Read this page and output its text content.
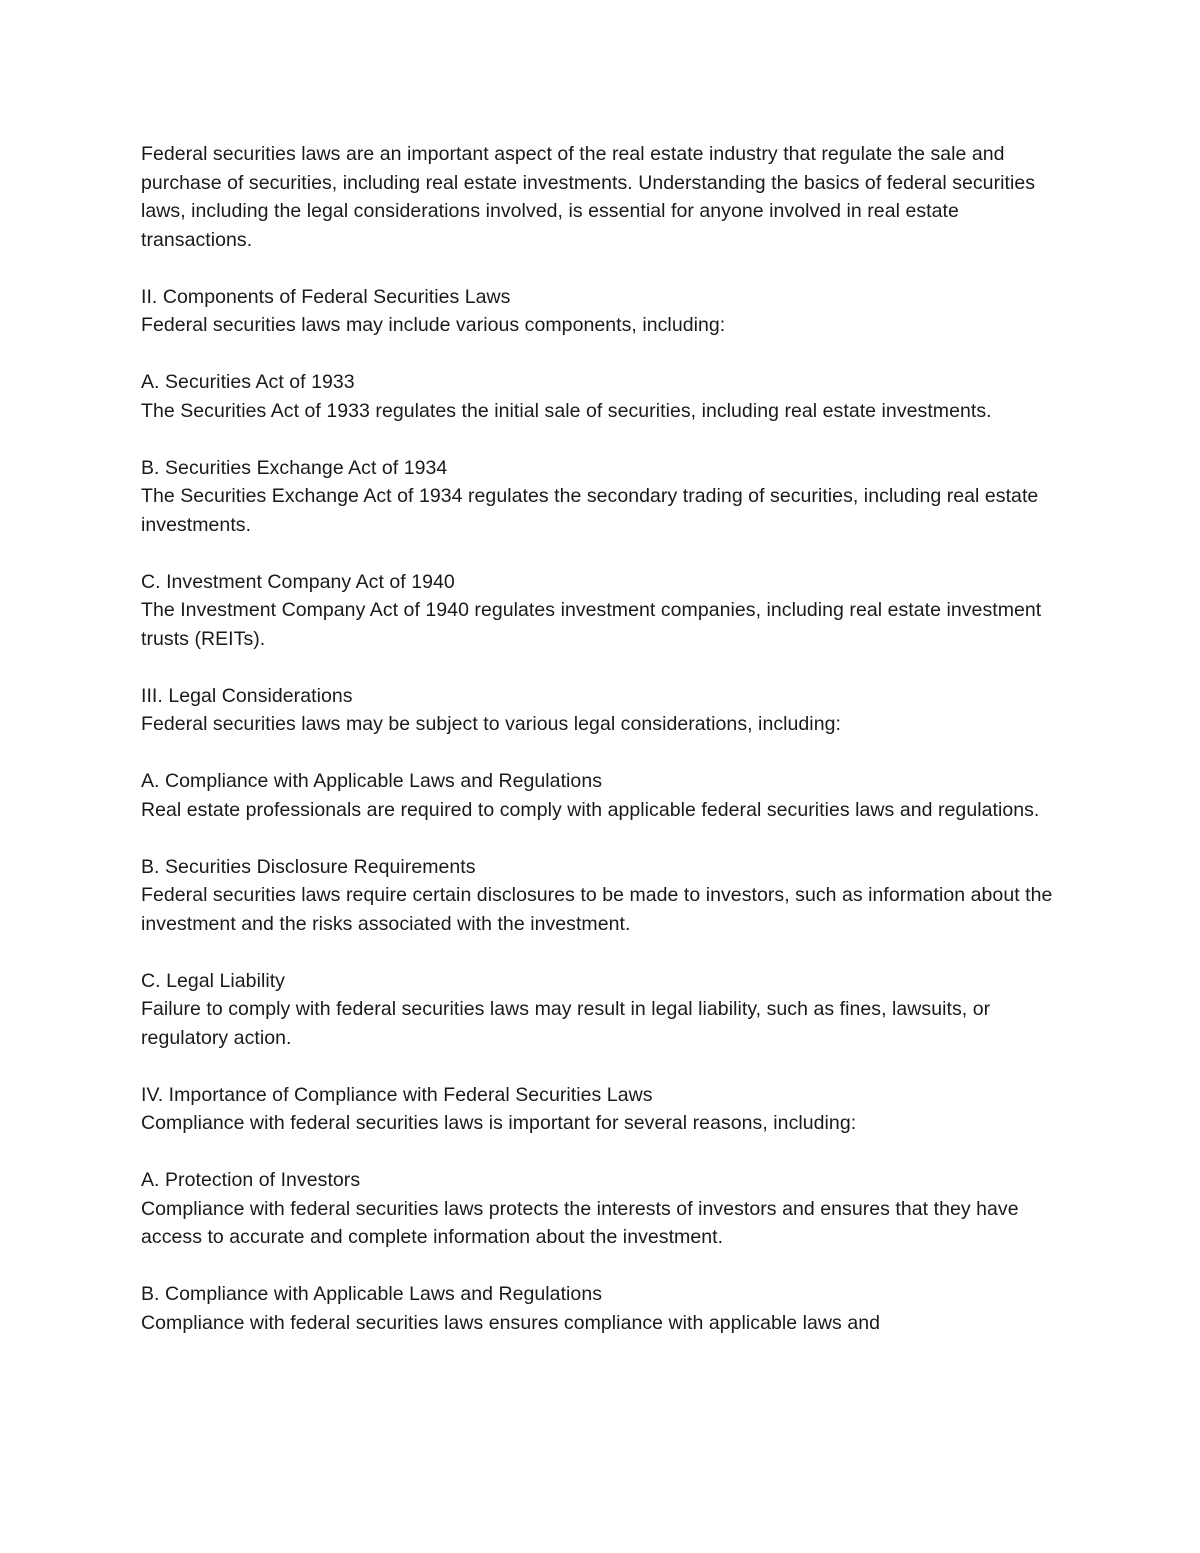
Federal securities laws are an important aspect of the real estate industry that regulate the sale and purchase of securities, including real estate investments. Understanding the basics of federal securities laws, including the legal considerations involved, is essential for anyone involved in real estate transactions.

II. Components of Federal Securities Laws
Federal securities laws may include various components, including:
A. Securities Act of 1933
The Securities Act of 1933 regulates the initial sale of securities, including real estate investments.
B. Securities Exchange Act of 1934
The Securities Exchange Act of 1934 regulates the secondary trading of securities, including real estate investments.
C. Investment Company Act of 1940
The Investment Company Act of 1940 regulates investment companies, including real estate investment trusts (REITs).
III. Legal Considerations
Federal securities laws may be subject to various legal considerations, including:
A. Compliance with Applicable Laws and Regulations
Real estate professionals are required to comply with applicable federal securities laws and regulations.
B. Securities Disclosure Requirements
Federal securities laws require certain disclosures to be made to investors, such as information about the investment and the risks associated with the investment.
C. Legal Liability
Failure to comply with federal securities laws may result in legal liability, such as fines, lawsuits, or regulatory action.
IV. Importance of Compliance with Federal Securities Laws
Compliance with federal securities laws is important for several reasons, including:
A. Protection of Investors
Compliance with federal securities laws protects the interests of investors and ensures that they have access to accurate and complete information about the investment.
B. Compliance with Applicable Laws and Regulations
Compliance with federal securities laws ensures compliance with applicable laws and
